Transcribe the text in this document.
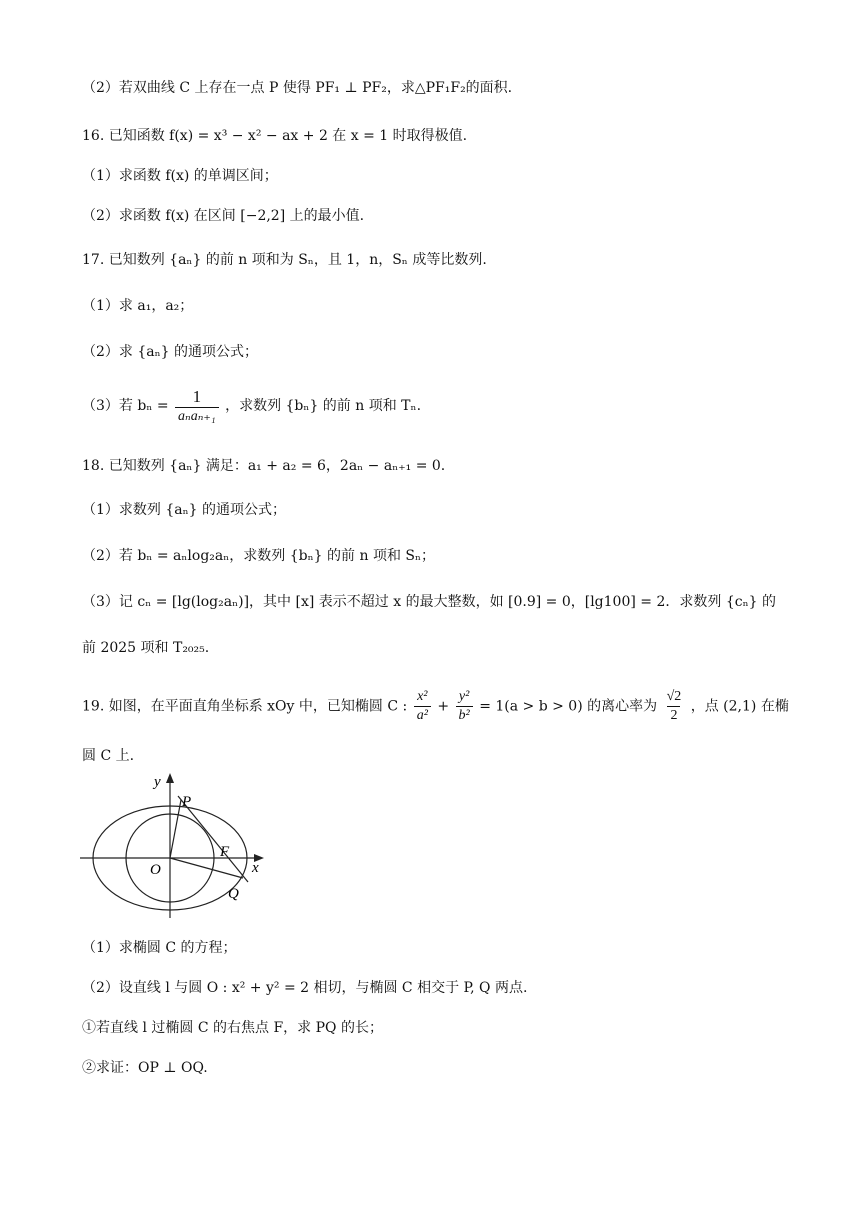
（2）若双曲线 C 上存在一点 P 使得 PF₁ ⊥ PF₂，求△PF₁F₂的面积.
16. 已知函数 f(x) = x³ − x² − ax + 2 在 x = 1 时取得极值.
（1）求函数 f(x) 的单调区间；
（2）求函数 f(x) 在区间 [−2,2] 上的最小值.
17. 已知数列 {aₙ} 的前 n 项和为 Sₙ，且 1，n，Sₙ 成等比数列.
（1）求 a₁，a₂；
（2）求 {aₙ} 的通项公式；
（3）若 $b_n = \frac{1}{\text{aₙaₙ₊₁}}$ ，求数列 {bₙ} 的前 n 项和 Tₙ.
18. 已知数列 {aₙ} 满足：a₁ + a₂ = 6，2aₙ − aₙ₊₁ = 0.
（1）求数列 {aₙ} 的通项公式；
（2）若 bₙ = aₙlog₂aₙ，求数列 {bₙ} 的前 n 项和 Sₙ；
（3）记 cₙ = [lg(log₂aₙ)]，其中 [x] 表示不超过 x 的最大整数，如 [0.9] = 0，[lg100] = 2．求数列 {cₙ} 的
前 2025 项和 T₂₀₂₅.
19. 如图，在平面直角坐标系 xOy 中，已知椭圆 C : $\frac{\text{x²}}{\text{a²}} + \frac{\text{y²}}{\text{b²}} = 1(a > b > 0)$ 的离心率为 $\frac{√2}{2}$ ，点 (2,1) 在椭
圆 C 上.
y
x
O
P
F
Q
（1）求椭圆 C 的方程；
（2）设直线 l 与圆 O : x² + y² = 2 相切，与椭圆 C 相交于 P, Q 两点.
①若直线 l 过椭圆 C 的右焦点 F，求 PQ 的长；
②求证：OP ⊥ OQ.
